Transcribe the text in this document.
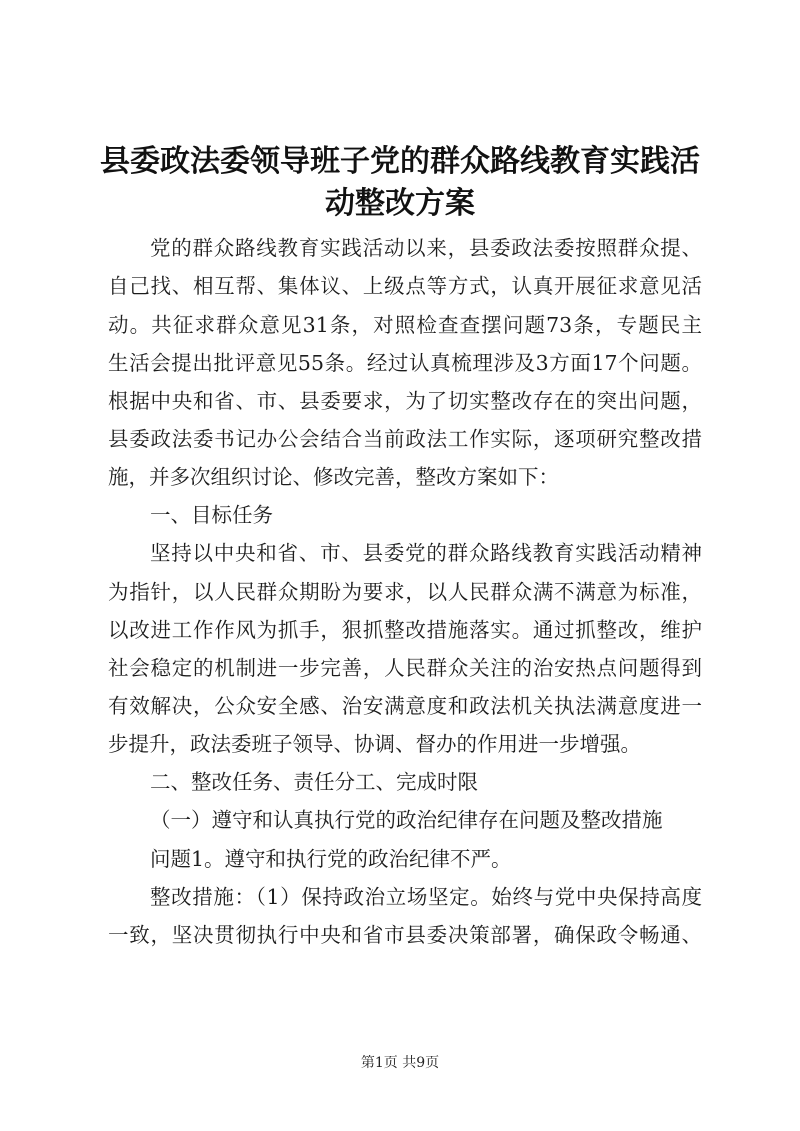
县委政法委领导班子党的群众路线教育实践活
动整改方案
党的群众路线教育实践活动以来，县委政法委按照群众提、
自己找、相互帮、集体议、上级点等方式，认真开展征求意见活
动。共征求群众意见31条，对照检查查摆问题73条，专题民主
生活会提出批评意见55条。经过认真梳理涉及3方面17个问题。
根据中央和省、市、县委要求，为了切实整改存在的突出问题，
县委政法委书记办公会结合当前政法工作实际，逐项研究整改措
施，并多次组织讨论、修改完善，整改方案如下：
一、目标任务
坚持以中央和省、市、县委党的群众路线教育实践活动精神
为指针，以人民群众期盼为要求，以人民群众满不满意为标准，
以改进工作作风为抓手，狠抓整改措施落实。通过抓整改，维护
社会稳定的机制进一步完善，人民群众关注的治安热点问题得到
有效解决，公众安全感、治安满意度和政法机关执法满意度进一
步提升，政法委班子领导、协调、督办的作用进一步增强。
二、整改任务、责任分工、完成时限
（一）遵守和认真执行党的政治纪律存在问题及整改措施
问题1。遵守和执行党的政治纪律不严。
整改措施：（1）保持政治立场坚定。始终与党中央保持高度
一致，坚决贯彻执行中央和省市县委决策部署，确保政令畅通、
第1页 共9页
